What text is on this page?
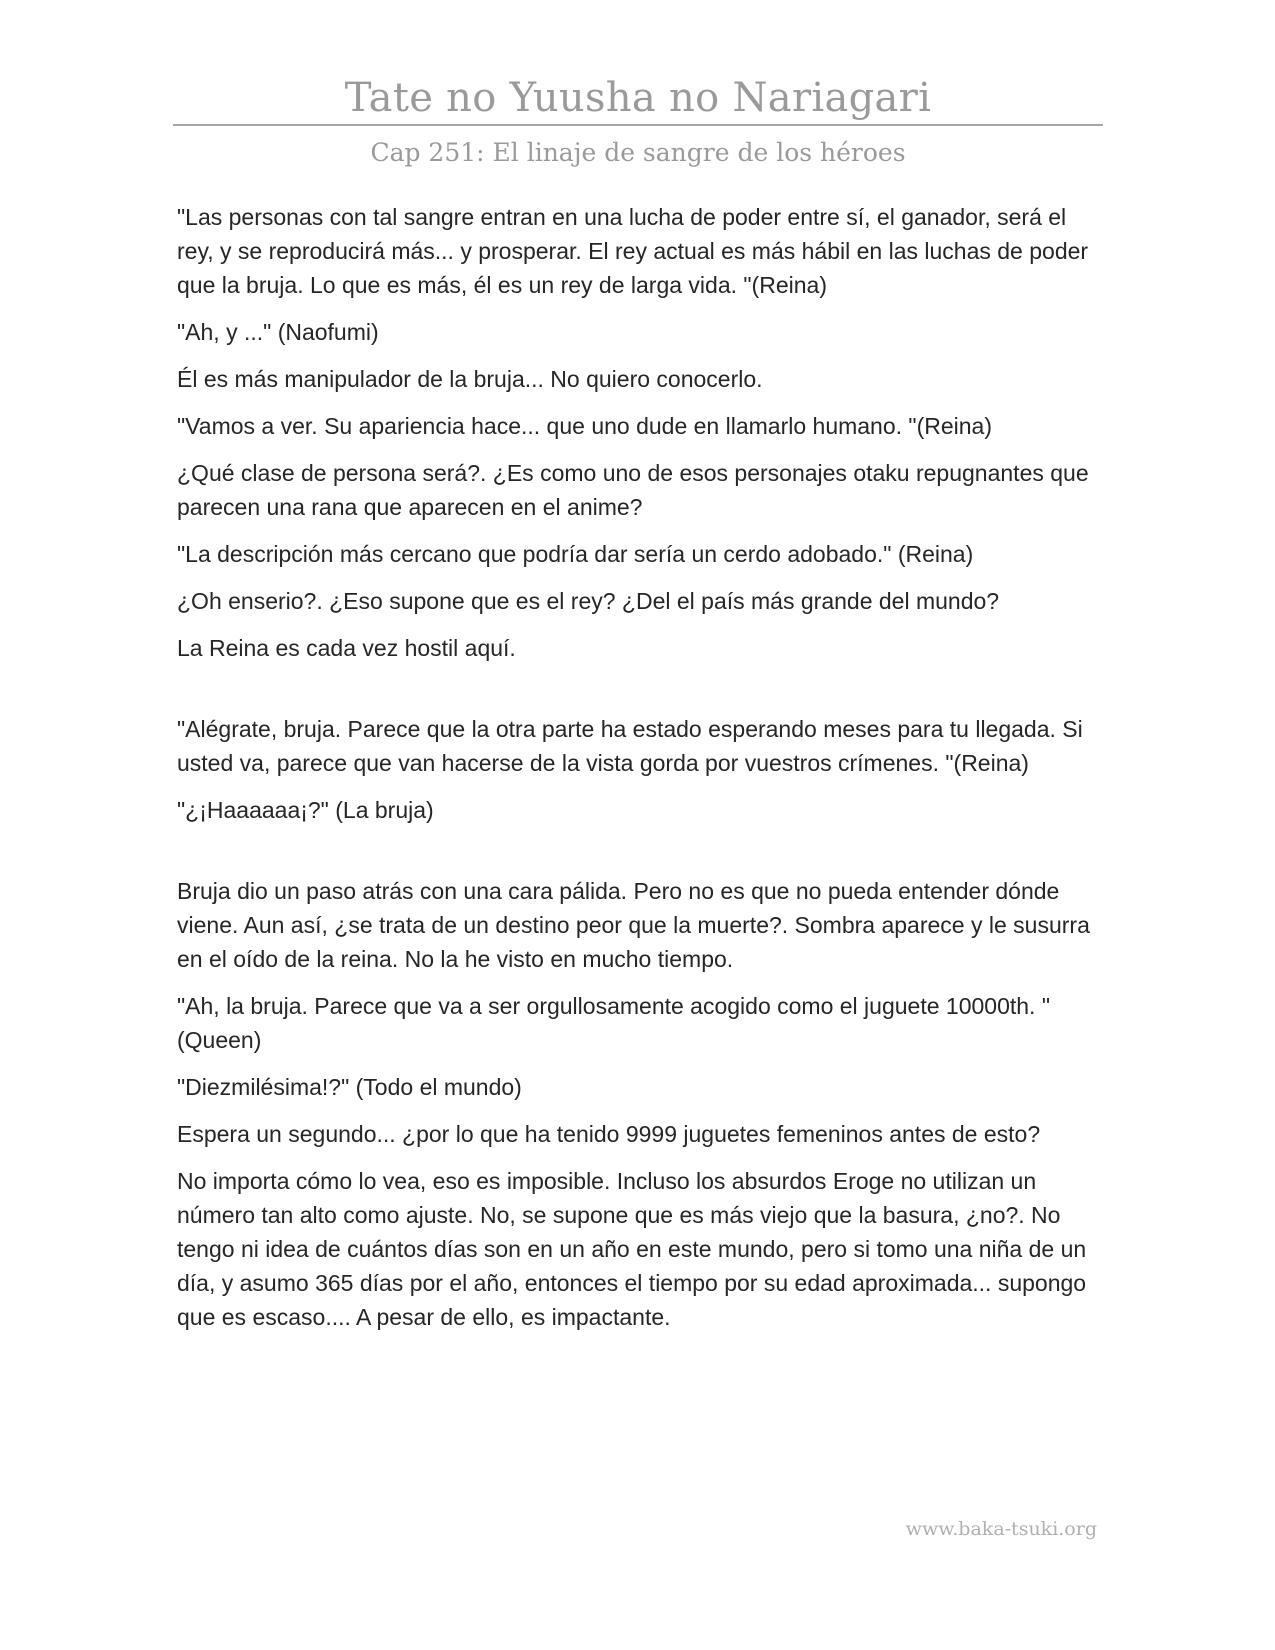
Tate no Yuusha no Nariagari
Cap 251: El linaje de sangre de los héroes

"Las personas con tal sangre entran en una lucha de poder entre sí, el ganador, será el rey, y se reproducirá más... y prosperar. El rey actual es más hábil en las luchas de poder que la bruja. Lo que es más, él es un rey de larga vida. "(Reina)

"Ah, y ..." (Naofumi)

Él es más manipulador de la bruja... No quiero conocerlo.

"Vamos a ver. Su apariencia hace... que uno dude en llamarlo humano. "(Reina)

¿Qué clase de persona será?. ¿Es como uno de esos personajes otaku repugnantes que parecen una rana que aparecen en el anime?

"La descripción más cercano que podría dar sería un cerdo adobado." (Reina)

¿Oh enserio?. ¿Eso supone que es el rey? ¿Del el país más grande del mundo?

La Reina es cada vez hostil aquí.

"Alégrate, bruja. Parece que la otra parte ha estado esperando meses para tu llegada. Si usted va, parece que van hacerse de la vista gorda por vuestros crímenes. "(Reina)

"¿¡Haaaaaa¡?" (La bruja)

Bruja dio un paso atrás con una cara pálida. Pero no es que no pueda entender dónde viene. Aun así, ¿se trata de un destino peor que la muerte?. Sombra aparece y le susurra en el oído de la reina. No la he visto en mucho tiempo.

"Ah, la bruja. Parece que va a ser orgullosamente acogido como el juguete 10000th. "(Queen)

"Diezmilésima!?" (Todo el mundo)

Espera un segundo... ¿por lo que ha tenido 9999 juguetes femeninos antes de esto?

No importa cómo lo vea, eso es imposible. Incluso los absurdos Eroge no utilizan un número tan alto como ajuste. No, se supone que es más viejo que la basura, ¿no?. No tengo ni idea de cuántos días son en un año en este mundo, pero si tomo una niña de un día, y asumo 365 días por el año, entonces el tiempo por su edad aproximada... supongo que es escaso.... A pesar de ello, es impactante.

www.baka-tsuki.org
